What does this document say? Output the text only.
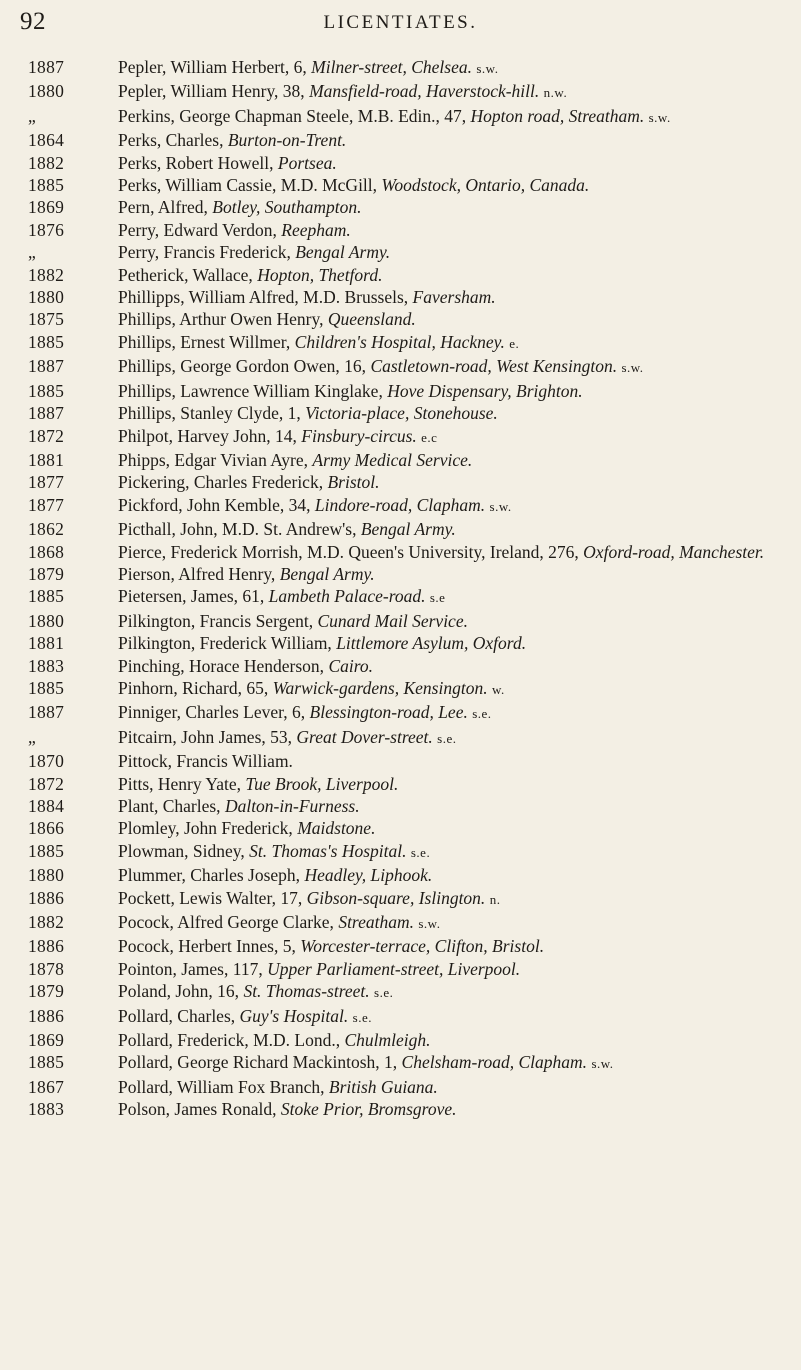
92	LICENTIATES.
1887	Pepler, William Herbert, 6, Milner-street, Chelsea. s.w.
1880	Pepler, William Henry, 38, Mansfield-road, Haverstock-hill. n.w.
„	Perkins, George Chapman Steele, M.B. Edin., 47, Hopton road, Streatham. s.w.
1864	Perks, Charles, Burton-on-Trent.
1882	Perks, Robert Howell, Portsea.
1885	Perks, William Cassie, M.D. McGill, Woodstock, Ontario, Canada.
1869	Pern, Alfred, Botley, Southampton.
1876	Perry, Edward Verdon, Reepham.
„	Perry, Francis Frederick, Bengal Army.
1882	Petherick, Wallace, Hopton, Thetford.
1880	Phillipps, William Alfred, M.D. Brussels, Faversham.
1875	Phillips, Arthur Owen Henry, Queensland.
1885	Phillips, Ernest Willmer, Children's Hospital, Hackney. e.
1887	Phillips, George Gordon Owen, 16, Castletown-road, West Kensington. s.w.
1885	Phillips, Lawrence William Kinglake, Hove Dispensary, Brighton.
1887	Phillips, Stanley Clyde, 1, Victoria-place, Stonehouse.
1872	Philpot, Harvey John, 14, Finsbury-circus. e.c
1881	Phipps, Edgar Vivian Ayre, Army Medical Service.
1877	Pickering, Charles Frederick, Bristol.
1877	Pickford, John Kemble, 34, Lindore-road, Clapham. s.w.
1862	Picthall, John, M.D. St. Andrew's, Bengal Army.
1868	Pierce, Frederick Morrish, M.D. Queen's University, Ireland, 276, Oxford-road, Manchester.
1879	Pierson, Alfred Henry, Bengal Army.
1885	Pietersen, James, 61, Lambeth Palace-road. s.e
1880	Pilkington, Francis Sergent, Cunard Mail Service.
1881	Pilkington, Frederick William, Littlemore Asylum, Oxford.
1883	Pinching, Horace Henderson, Cairo.
1885	Pinhorn, Richard, 65, Warwick-gardens, Kensington. w.
1887	Pinniger, Charles Lever, 6, Blessington-road, Lee. s.e.
„	Pitcairn, John James, 53, Great Dover-street. s.e.
1870	Pittock, Francis William.
1872	Pitts, Henry Yate, Tue Brook, Liverpool.
1884	Plant, Charles, Dalton-in-Furness.
1866	Plomley, John Frederick, Maidstone.
1885	Plowman, Sidney, St. Thomas's Hospital. s.e.
1880	Plummer, Charles Joseph, Headley, Liphook.
1886	Pockett, Lewis Walter, 17, Gibson-square, Islington. n.
1882	Pocock, Alfred George Clarke, Streatham. s.w.
1886	Pocock, Herbert Innes, 5, Worcester-terrace, Clifton, Bristol.
1878	Pointon, James, 117, Upper Parliament-street, Liverpool.
1879	Poland, John, 16, St. Thomas-street. s.e.
1886	Pollard, Charles, Guy's Hospital. s.e.
1869	Pollard, Frederick, M.D. Lond., Chulmleigh.
1885	Pollard, George Richard Mackintosh, 1, Chelsham-road, Clapham. s.w.
1867	Pollard, William Fox Branch, British Guiana.
1883	Polson, James Ronald, Stoke Prior, Bromsgrove.
